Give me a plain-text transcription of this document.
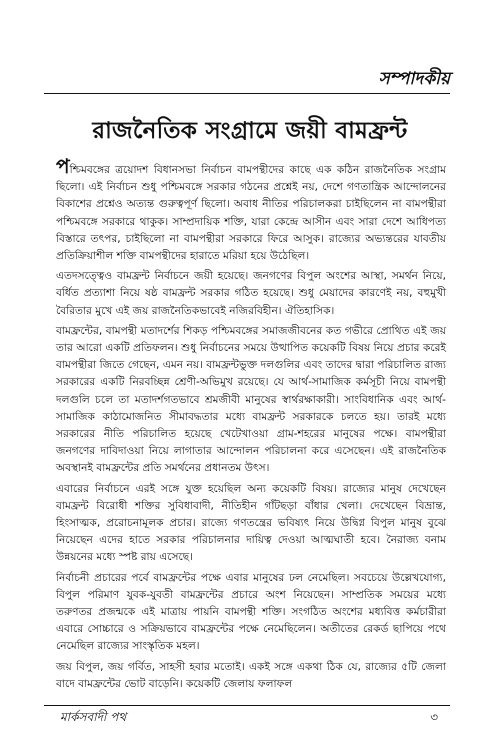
সম্পাদকীয়
রাজনৈতিক সংগ্রামে জয়ী বামফ্রন্ট

পশ্চিমবঙ্গের ত্রয়োদশ বিধানসভা নির্বাচন বামপন্থীদের কাছে এক কঠিন রাজনৈতিক সংগ্রাম ছিলো। এই নির্বাচন শুধু পশ্চিমবঙ্গে সরকার গঠনের প্রশ্নেই নয়, দেশে গণতান্ত্রিক আন্দোলনের বিকাশের প্রশ্নেও অত্যন্ত গুরুত্বপূর্ণ ছিলো। অবাধ নীতির পরিচালকরা চাইছিলেন না বামপন্থীরা পশ্চিমবঙ্গে সরকারে থাকুক। সাম্প্রদায়িক শক্তি, যারা কেন্দ্রে আসীন এবং সারা দেশে আধিপত্য বিস্তারে তৎপর, চাইছিলো না বামপন্থীরা সরকারে ফিরে আসুক। রাজ্যের অভ্যন্তরের যাবতীয় প্রতিক্রিয়াশীল শক্তি বামপন্থীদের হারাতে মরিয়া হয়ে উঠেছিল।

এতদসত্ত্বেও বামফ্রন্ট নির্বাচনে জয়ী হয়েছে। জনগণের বিপুল অংশের আস্থা, সমর্থন নিয়ে, বর্ধিত প্রত্যাশা নিয়ে ষষ্ঠ বামফ্রন্ট সরকার গঠিত হয়েছে। শুধু মেয়াদের কারণেই নয়, বহুমুখী বৈরিতার মুখে এই জয় রাজনৈতিকভাবেই নজিরবিহীন। ঐতিহাসিক।

বামফ্রন্টের, বামপন্থী মতাদর্শের শিকড় পশ্চিমবঙ্গের সমাজজীবনের কত গভীরে প্রোথিত এই জয় তার আরো একটি প্রতিফলন। শুধু নির্বাচনের সময়ে উত্থাপিত কয়েকটি বিষয় নিয়ে প্রচার করেই বামপন্থীরা জিতে গেছেন, এমন নয়। বামফ্রন্টভুক্ত দলগুলির এবং তাদের দ্বারা পরিচালিত রাজ্য সরকারের একটি নিরবচ্ছিন্ন শ্রেণী-অভিমুখ রয়েছে। যে আর্থ-সামাজিক কর্মসূচী নিয়ে বামপন্থী দলগুলি চলে তা মতাদর্শগতভাবে শ্রমজীবী মানুষের স্বার্থরক্ষাকারী। সাংবিধানিক এবং আর্থ-সামাজিক কাঠামোজনিত সীমাবদ্ধতার মধ্যে বামফ্রন্ট সরকারকে চলতে হয়। তারই মধ্যে সরকারের নীতি পরিচালিত হয়েছে খেটেখাওয়া গ্রাম-শহরের মানুষের পক্ষে। বামপন্থীরা জনগণের দাবিদাওয়া নিয়ে লাগাতার আন্দোলন পরিচালনা করে এসেছেন। এই রাজনৈতিক অবস্থানই বামফ্রন্টের প্রতি সমর্থনের প্রধানতম উৎস।

এবারের নির্বাচনে এরই সঙ্গে যুক্ত হয়েছিল অন্য কয়েকটি বিষয়। রাজ্যের মানুষ দেখেছেন বামফ্রন্ট বিরোধী শক্তির সুবিধাবাদী, নীতিহীন গাঁটছড়া বাঁধার খেলা। দেখেছেন বিভ্রান্ত, হিংসাত্মক, প্ররোচনামূলক প্রচার। রাজ্যে গণতন্ত্রের ভবিষ্যৎ নিয়ে উদ্বিগ্ন বিপুল মানুষ বুঝে নিয়েছেন এদের হাতে সরকার পরিচালনার দায়িত্ব দেওয়া আত্মঘাতী হবে। নৈরাজ্য বনাম উন্নয়নের মধ্যে স্পষ্ট রায় এসেছে।

নির্বাচনী প্রচারের পর্বে বামফ্রন্টের পক্ষে এবার মানুষের ঢল নেমেছিল। সবচেয়ে উল্লেখযোগ্য, বিপুল পরিমাণ যুবক-যুবতী বামফ্রন্টের প্রচারে অংশ নিয়েছেন। সাম্প্রতিক সময়ের মধ্যে তরুণতর প্রজন্মকে এই মাত্রায় পায়নি বামপন্থী শক্তি। সংগঠিত অংশের মধ্যবিত্ত কর্মচারীরা এবারে সোচ্চারে ও সক্রিয়ভাবে বামফ্রন্টের পক্ষে নেমেছিলেন। অতীতের রেকর্ড ছাপিয়ে পথে নেমেছিল রাজ্যের সাংস্কৃতিক মহল।

জয় বিপুল, জয় গর্বিত, সাহসী হবার মতোই। একই সঙ্গে একথা ঠিক যে, রাজ্যের ৫টি জেলা বাদে বামফ্রন্টের ভোট বাড়েনি। কয়েকটি জেলায় ফলাফল

মার্কসবাদী পথ	৩
